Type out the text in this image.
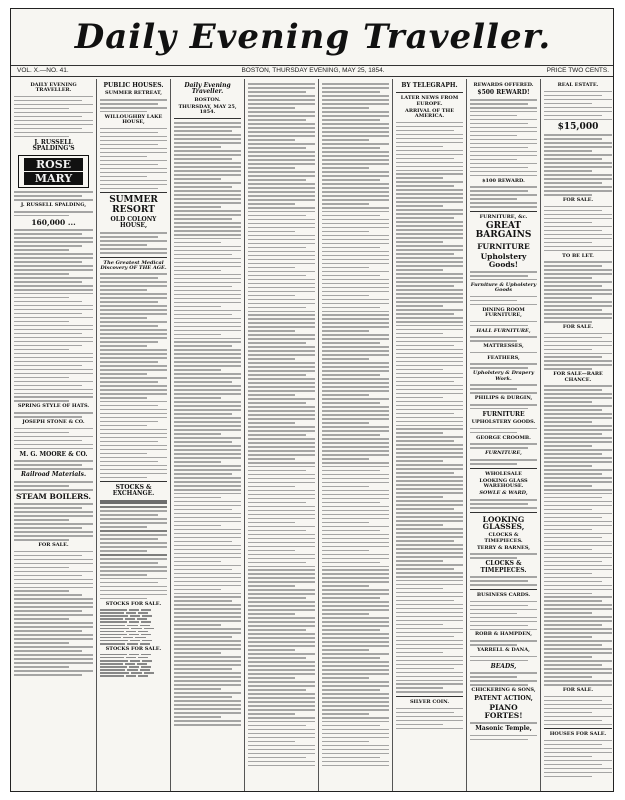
Daily Evening Traveller.
BOSTON, THURSDAY EVENING, MAY 25, 1854.
VOL. X.—NO. 41.	PRICE TWO CENTS.
DAILY EVENING TRAVELLER.
J. RUSSELL SPALDING'S
ROSE
MARY
J. RUSSELL SPALDING,
160,000 ...
SPRING STYLE OF HATS.
JOSEPH STONE & CO.
M. G. MOORE & CO.
Railroad Materials.
STEAM BOILERS.
FOR SALE.
PUBLIC HOUSES.
SUMMER RETREAT,
WILLOUGHBY LAKE HOUSE,
SUMMER RESORT
OLD COLONY HOUSE,
The Greatest Medical Discovery OF THE AGE.
STOCKS & EXCHANGE.
STOCKS FOR SALE.
STOCKS FOR SALE.
Daily Evening Traveller.
BOSTON.
THURSDAY, MAY 25, 1854.
BY TELEGRAPH.
LATER NEWS FROM EUROPE.
ARRIVAL OF THE AMERICA.
SILVER COIN.
REWARDS OFFERED.
$500 REWARD!
$100 REWARD.
FURNITURE, &c.
GREAT BARGAINS
FURNITURE
Upholstery Goods!
Furniture & Upholstery Goods
DINING ROOM FURNITURE,
HALL FURNITURE,
MATTRESSES,
FEATHERS,
Upholstery & Drapery Work.
PHILIPS & DURGIN,
FURNITURE
UPHOLSTERY GOODS.
GEORGE CROOMB.
FURNITURE,
WHOLESALE
LOOKING GLASS WAREHOUSE.
SOWLE & WARD,
LOOKING GLASSES,
CLOCKS & TIMEPIECES.
TERRY & BARNES,
CLOCKS & TIMEPIECES.
BUSINESS CARDS.
ROBB & HAMPDEN,
YARRELL & DANA,
BEADS,
CHICKERING & SONS,
PATENT ACTION,
PIANO FORTES!
Masonic Temple,
REAL ESTATE.
$15,000
FOR SALE.
TO BE LET.
FOR SALE.
FOR SALE—RARE CHANCE.
FOR SALE.
HOUSES FOR SALE.
